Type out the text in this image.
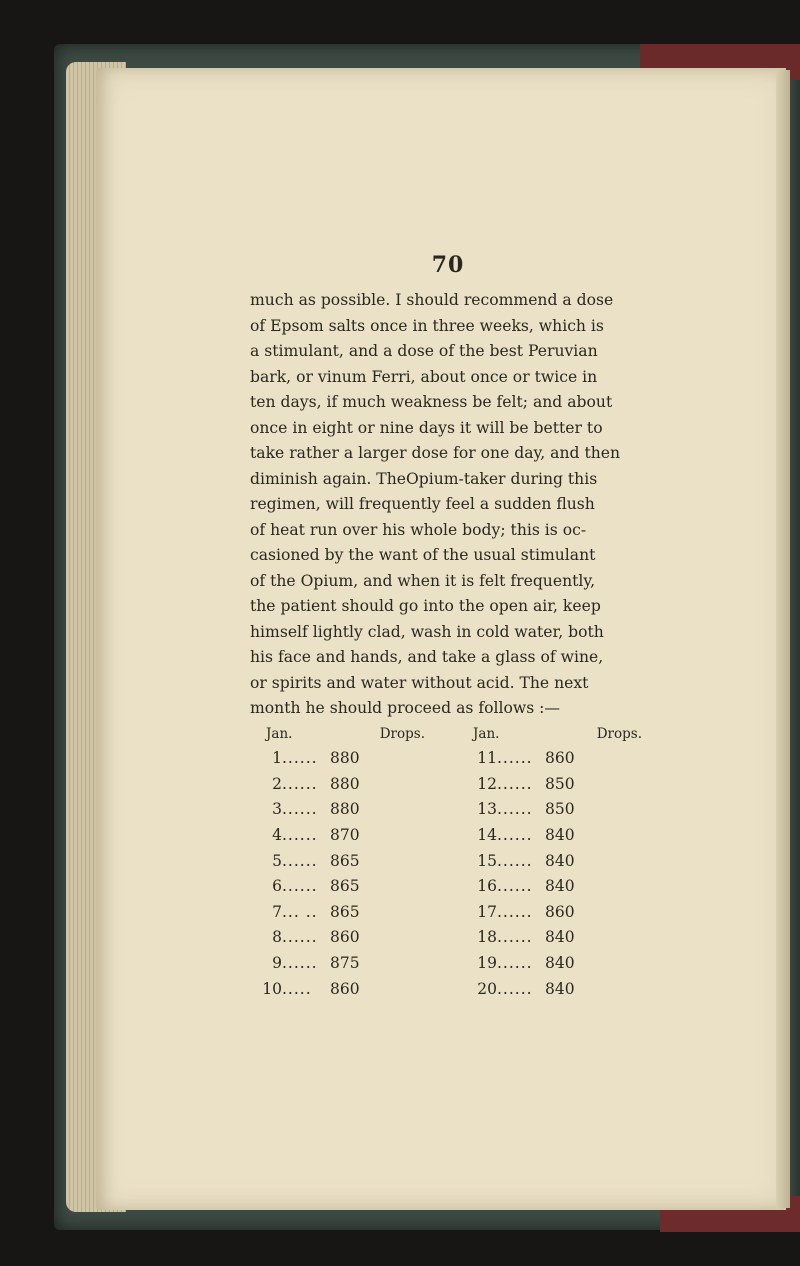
70

much as possible. I should recommend a dose
of Epsom salts once in three weeks, which is
a stimulant, and a dose of the best Peruvian
bark, or vinum Ferri, about once or twice in
ten days, if much weakness be felt; and about
once in eight or nine days it will be better to
take rather a larger dose for one day, and then
diminish again. TheOpium-taker during this
regimen, will frequently feel a sudden flush
of heat run over his whole body; this is oc-
casioned by the want of the usual stimulant
of the Opium, and when it is felt frequently,
the patient should go into the open air, keep
himself lightly clad, wash in cold water, both
his face and hands, and take a glass of wine,
or spirits and water without acid. The next
month he should proceed as follows :—

Jan.	Drops.
1 ...... 880
2 ...... 880
3 ...... 880
4 ...... 870
5 ...... 865
6 ...... 865
7 ... .. 865
8 ...... 860
9 ...... 875
10 .....	860
Jan.	Drops.
11 ...... 860
12 ...... 850
13 ...... 850
14 ...... 840
15 ...... 840
16 ...... 840
17 ...... 860
18 ...... 840
19 ...... 840
20 ...... 840
